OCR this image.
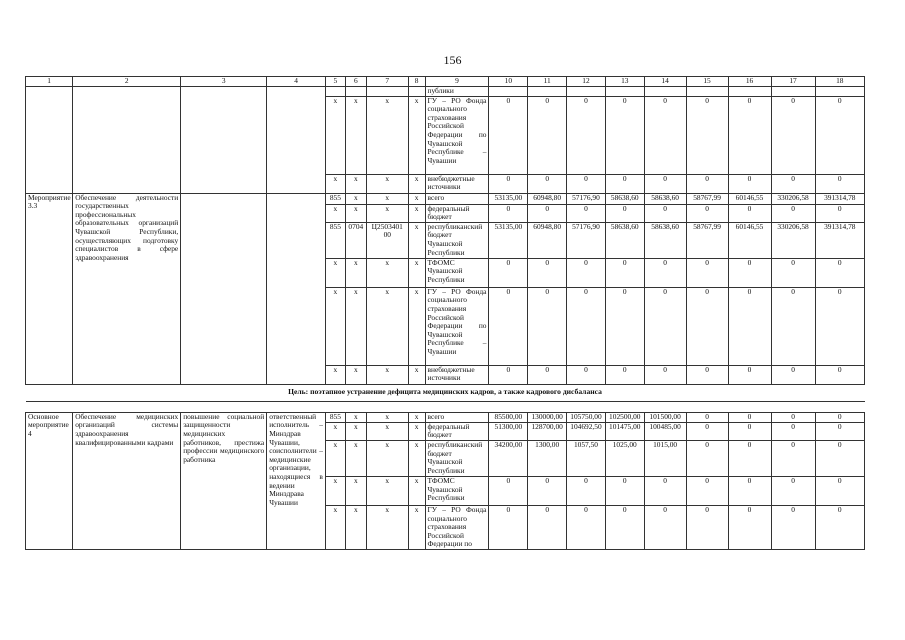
156
1	2	3	4	5	6	7	8	9	10	11	12	13	14	15	16	17	18
								публики									
				х	х	х	х	ГУ – РО Фонда социального страхования Российской Федерации по Чувашской Республике – Чувашии	0	0	0	0	0	0	0	0	0
				х	х	х	х	внебюджетные источники	0	0	0	0	0	0	0	0	0
Мероприятие 3.3	Обеспечение деятельности государственных профессиональных образовательных организаций Чувашской Республики, осуществляющих подготовку специалистов в сфере здравоохранения			855	х	х	х	всего	53135,00	60948,80	57176,90	58638,60	58638,60	58767,99	60146,55	330206,58	391314,78
				х	х	х	х	федеральный бюджет	0	0	0	0	0	0	0	0	0
				855	0704	Ц2503401 00	х	республиканский бюджет Чувашской Республики	53135,00	60948,80	57176,90	58638,60	58638,60	58767,99	60146,55	330206,58	391314,78
				х	х	х	х	ТФОМС Чувашской Республики	0	0	0	0	0	0	0	0	0
				х	х	х	х	ГУ – РО Фонда социального страхования Российской Федерации по Чувашской Республике – Чувашии	0	0	0	0	0	0	0	0	0
				х	х	х	х	внебюджетные источники	0	0	0	0	0	0	0	0	0
Цель: поэтапное устранение дефицита медицинских кадров, а также кадрового дисбаланса																	

Основное мероприятие 4	Обеспечение медицинских организаций системы здравоохранения квалифицированными кадрами	повышение социальной защищенности медицинских работников, престижа профессии медицинского работника	ответственный исполнитель – Минздрав Чувашии, соисполнители – медицинские организации, находящиеся в ведении Минздрава Чувашии	855	х	х	х	всего	85500,00	130000,00	105750,00	102500,00	101500,00	0	0	0	0
				х	х	х	х	федеральный бюджет	51300,00	128700,00	104692,50	101475,00	100485,00	0	0	0	0
				х	х	х	х	республиканский бюджет Чувашской Республики	34200,00	1300,00	1057,50	1025,00	1015,00	0	0	0	0
				х	х	х	х	ТФОМС Чувашской Республики	0	0	0	0	0	0	0	0	0
				х	х	х	х	ГУ – РО Фонда социального страхования Российской Федерации по	0	0	0	0	0	0	0	0	0
